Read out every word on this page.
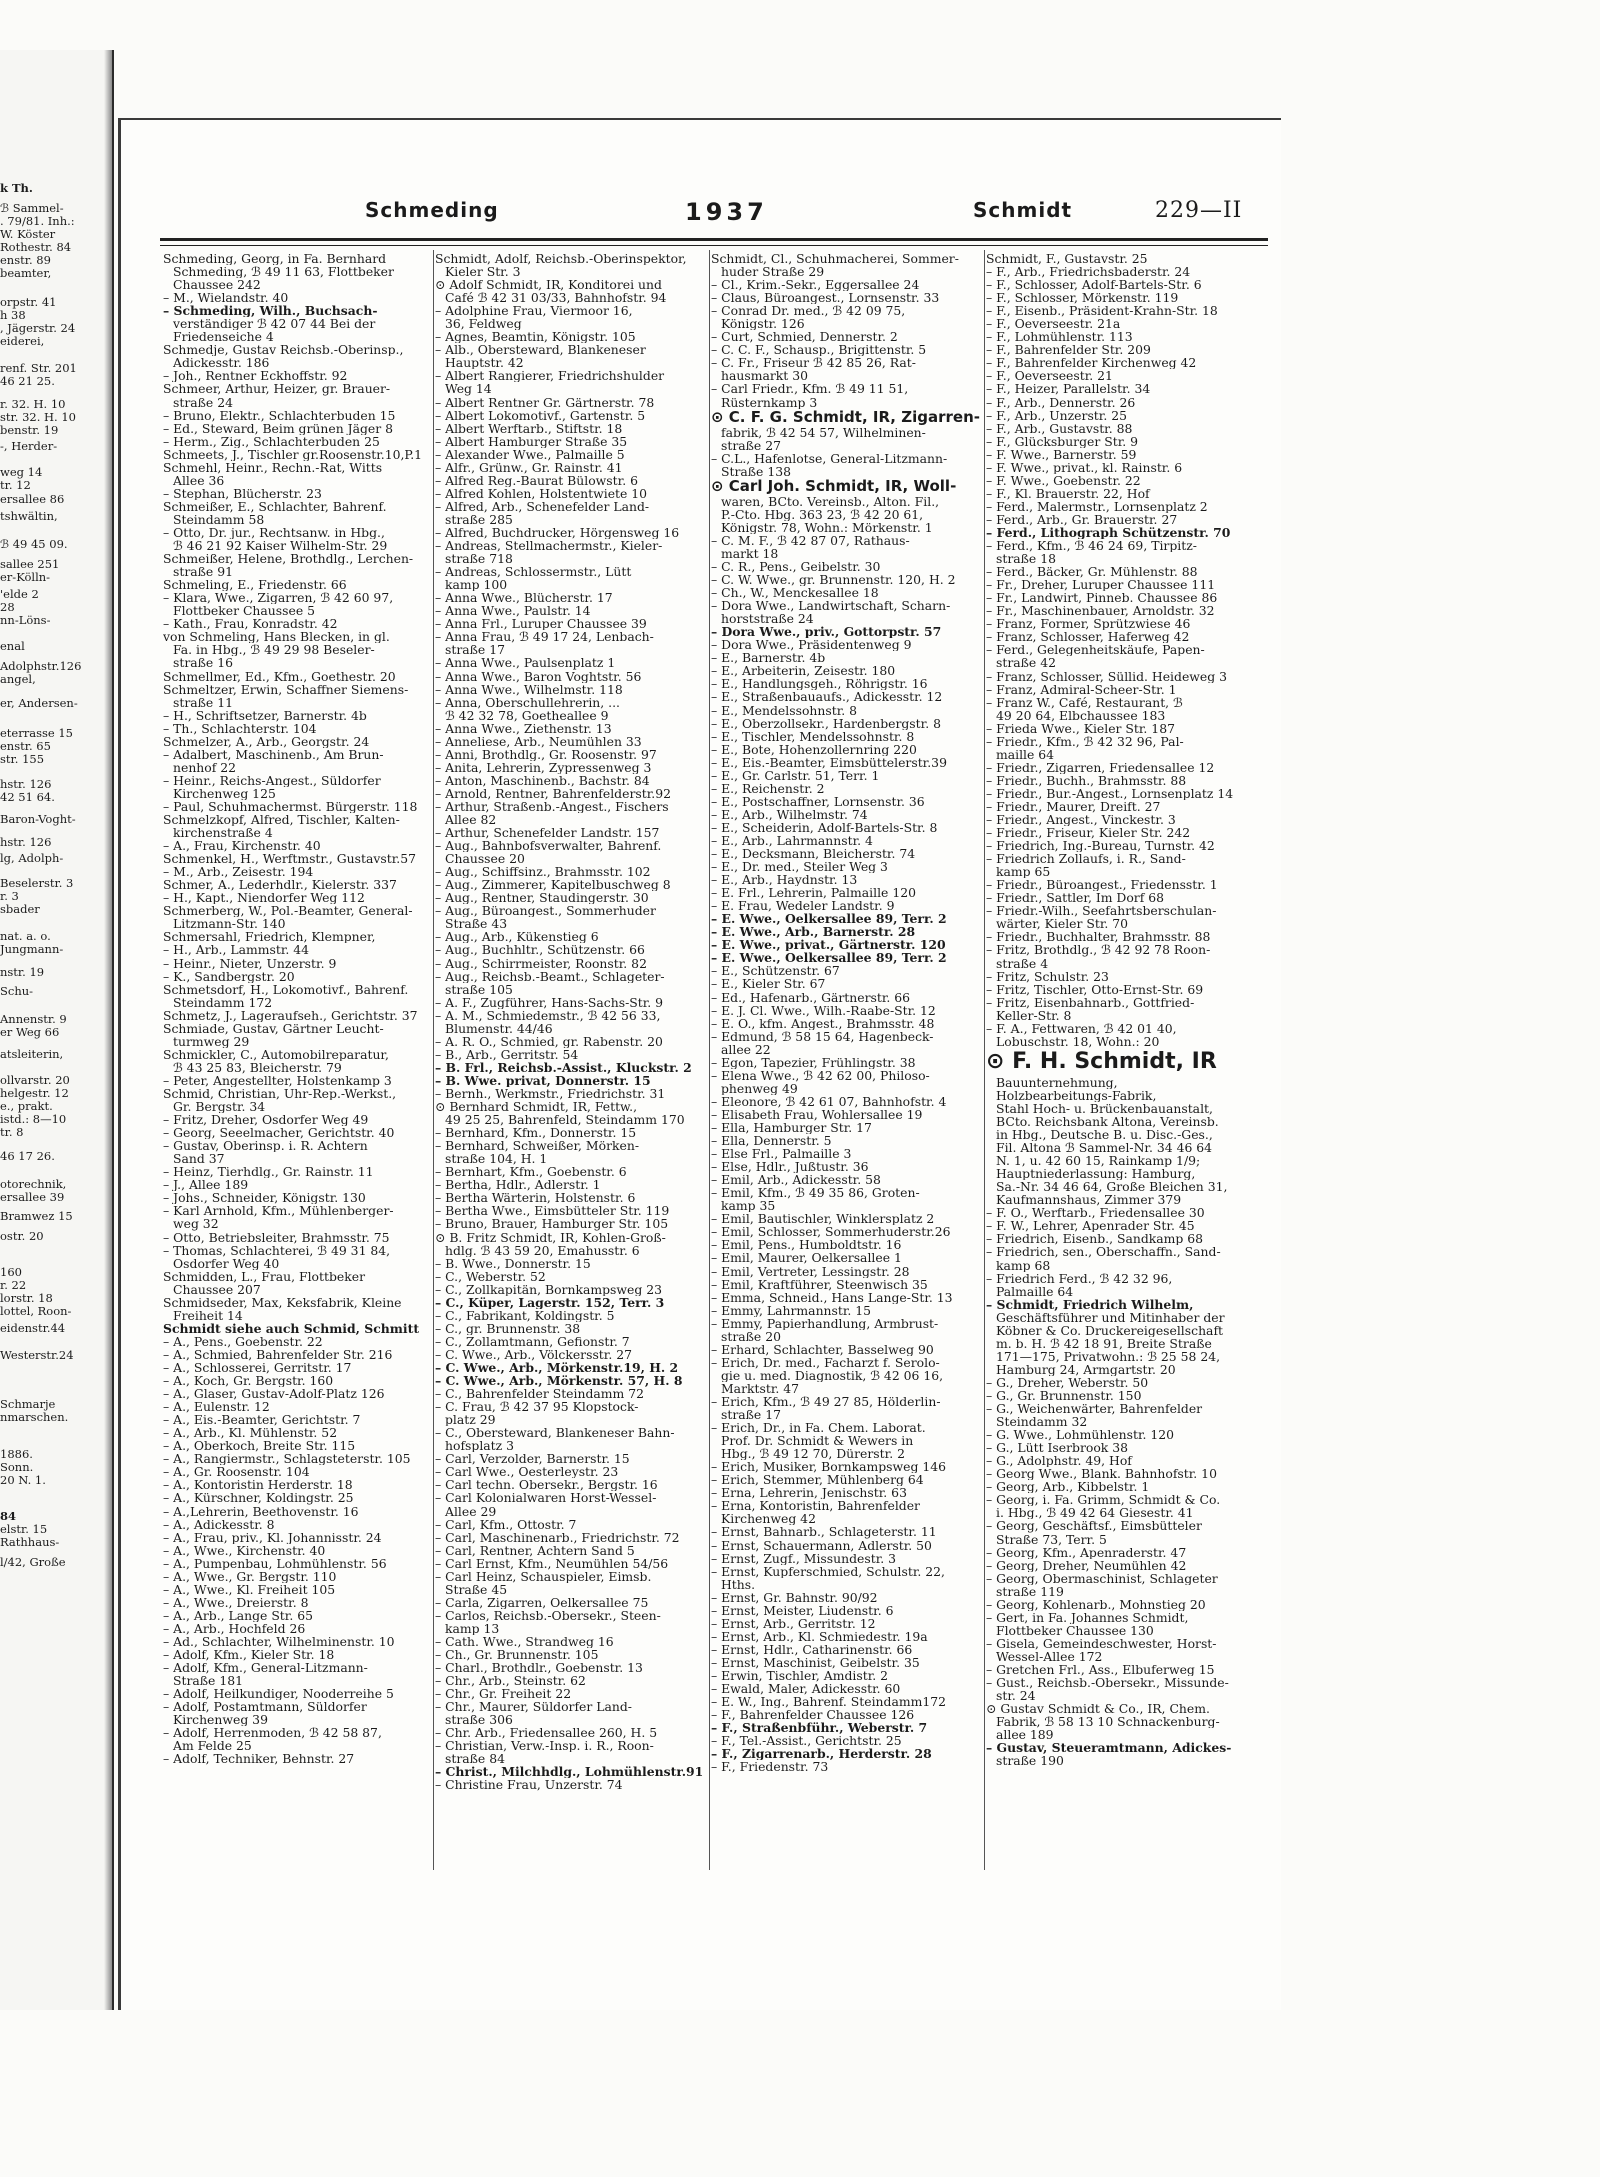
k Th.
ℬ Sammel-
. 79/81. Inh.:
W. Köster
Rothestr. 84
enstr. 89
beamter,
orpstr. 41
h 38
, Jägerstr. 24
eiderei,
renf. Str. 201
46 21 25.
r. 32. H. 10
str. 32. H. 10
benstr. 19
-, Herder-
weg 14
tr. 12
ersallee 86
tshwältin,
ℬ 49 45 09.
sallee 251
er-Kölln-
'elde 2
28
nn-Löns-
enal
Adolphstr.126
angel,
er, Andersen-
eterrasse 15
enstr. 65
str. 155
hstr. 126
42 51 64.
Baron-Voght-
hstr. 126
lg, Adolph-
Beselerstr. 3
r. 3
sbader
nat. a. o.
Jungmann-
nstr. 19
Schu-
Annenstr. 9
er Weg 66
atsleiterin,
ollvarstr. 20
helgestr. 12
e., prakt.
istd.: 8—10
tr. 8
46 17 26.
otorechnik,
ersallee 39
Bramwez 15
ostr. 20
160
r. 22
lorstr. 18
lottel, Roon-
eidenstr.44
Westerstr.24
Schmarje
nmarschen.
1886.
Sonn.
20 N. 1.
84
elstr. 15
Rathhaus-
l/42, Große
Schmeding	1937	Schmidt	229—II
Schmeding, Georg, in Fa. Bernhard
Schmeding, ℬ 49 11 63, Flottbeker
Chaussee 242
– M., Wielandstr. 40
– Schmeding, Wilh., Buchsach-
verständiger ℬ 42 07 44 Bei der
Friedenseiche 4
Schmedje, Gustav Reichsb.-Oberinsp.,
Adickesstr. 186
– Joh., Rentner Eckhoffstr. 92
Schmeer, Arthur, Heizer, gr. Brauer-
straße 24
– Bruno, Elektr., Schlachterbuden 15
– Ed., Steward, Beim grünen Jäger 8
– Herm., Zig., Schlachterbuden 25
Schmeets, J., Tischler gr.Roosenstr.10,P.1
Schmehl, Heinr., Rechn.-Rat, Witts
Allee 36
– Stephan, Blücherstr. 23
Schmeißer, E., Schlachter, Bahrenf.
Steindamm 58
– Otto, Dr. jur., Rechtsanw. in Hbg.,
ℬ 46 21 92 Kaiser Wilhelm-Str. 29
Schmeißer, Helene, Brothdlg., Lerchen-
straße 91
Schmeling, E., Friedenstr. 66
– Klara, Wwe., Zigarren, ℬ 42 60 97,
Flottbeker Chaussee 5
– Kath., Frau, Konradstr. 42
von Schmeling, Hans Blecken, in gl.
Fa. in Hbg., ℬ 49 29 98 Beseler-
straße 16
Schmellmer, Ed., Kfm., Goethestr. 20
Schmeltzer, Erwin, Schaffner Siemens-
straße 11
– H., Schriftsetzer, Barnerstr. 4b
– Th., Schlachterstr. 104
Schmelzer, A., Arb., Georgstr. 24
– Adalbert, Maschinenb., Am Brun-
nenhof 22
– Heinr., Reichs-Angest., Süldorfer
Kirchenweg 125
– Paul, Schuhmachermst. Bürgerstr. 118
Schmelzkopf, Alfred, Tischler, Kalten-
kirchenstraße 4
– A., Frau, Kirchenstr. 40
Schmenkel, H., Werftmstr., Gustavstr.57
– M., Arb., Zeisestr. 194
Schmer, A., Lederhdlr., Kielerstr. 337
– H., Kapt., Niendorfer Weg 112
Schmerberg, W., Pol.-Beamter, General-
Litzmann-Str. 140
Schmersahl, Friedrich, Klempner,
– H., Arb., Lammstr. 44
– Heinr., Nieter, Unzerstr. 9
– K., Sandbergstr. 20
Schmetsdorf, H., Lokomotivf., Bahrenf.
Steindamm 172
Schmetz, J., Lageraufseh., Gerichtstr. 37
Schmiade, Gustav, Gärtner Leucht-
turmweg 29
Schmickler, C., Automobilreparatur,
ℬ 43 25 83, Bleicherstr. 79
– Peter, Angestellter, Holstenkamp 3
Schmid, Christian, Uhr-Rep.-Werkst.,
Gr. Bergstr. 34
– Fritz, Dreher, Osdorfer Weg 49
– Georg, Seeelmacher, Gerichtstr. 40
– Gustav, Oberinsp. i. R. Achtern
Sand 37
– Heinz, Tierhdlg., Gr. Rainstr. 11
– J., Allee 189
– Johs., Schneider, Königstr. 130
– Karl Arnhold, Kfm., Mühlenberger-
weg 32
– Otto, Betriebsleiter, Brahmsstr. 75
– Thomas, Schlachterei, ℬ 49 31 84,
Osdorfer Weg 40
Schmidden, L., Frau, Flottbeker
Chaussee 207
Schmidseder, Max, Keksfabrik, Kleine
Freiheit 14
Schmidt siehe auch Schmid, Schmitt
– A., Pens., Goebenstr. 22
– A., Schmied, Bahrenfelder Str. 216
– A., Schlosserei, Gerritstr. 17
– A., Koch, Gr. Bergstr. 160
– A., Glaser, Gustav-Adolf-Platz 126
– A., Eulenstr. 12
– A., Eis.-Beamter, Gerichtstr. 7
– A., Arb., Kl. Mühlenstr. 52
– A., Oberkoch, Breite Str. 115
– A., Rangiermstr., Schlagsteterstr. 105
– A., Gr. Roosenstr. 104
– A., Kontoristin Herderstr. 18
– A., Kürschner, Koldingstr. 25
– A.,Lehrerin, Beethovenstr. 16
– A., Adickesstr. 8
– A., Frau, priv., Kl. Johannisstr. 24
– A., Wwe., Kirchenstr. 40
– A., Pumpenbau, Lohmühlenstr. 56
– A., Wwe., Gr. Bergstr. 110
– A., Wwe., Kl. Freiheit 105
– A., Wwe., Dreierstr. 8
– A., Arb., Lange Str. 65
– A., Arb., Hochfeld 26
– Ad., Schlachter, Wilhelminenstr. 10
– Adolf, Kfm., Kieler Str. 18
– Adolf, Kfm., General-Litzmann-
Straße 181
– Adolf, Heilkundiger, Nooderreihe 5
– Adolf, Postamtmann, Süldorfer
Kirchenweg 39
– Adolf, Herrenmoden, ℬ 42 58 87,
Am Felde 25
– Adolf, Techniker, Behnstr. 27
Schmidt, Adolf, Reichsb.-Oberinspektor,
Kieler Str. 3
⊙ Adolf Schmidt, IR, Konditorei und
Café ℬ 42 31 03/33, Bahnhofstr. 94
– Adolphine Frau, Viermoor 16,
36, Feldweg
– Agnes, Beamtin, Königstr. 105
– Alb., Obersteward, Blankeneser
Hauptstr. 42
– Albert Rangierer, Friedrichshulder
Weg 14
– Albert Rentner Gr. Gärtnerstr. 78
– Albert Lokomotivf., Gartenstr. 5
– Albert Werftarb., Stiftstr. 18
– Albert Hamburger Straße 35
– Alexander Wwe., Palmaille 5
– Alfr., Grünw., Gr. Rainstr. 41
– Alfred Reg.-Baurat Bülowstr. 6
– Alfred Kohlen, Holstentwiete 10
– Alfred, Arb., Schenefelder Land-
straße 285
– Alfred, Buchdrucker, Hörgensweg 16
– Andreas, Stellmachermstr., Kieler-
straße 718
– Andreas, Schlossermstr., Lütt
kamp 100
– Anna Wwe., Blücherstr. 17
– Anna Wwe., Paulstr. 14
– Anna Frl., Luruper Chaussee 39
– Anna Frau, ℬ 49 17 24, Lenbach-
straße 17
– Anna Wwe., Paulsenplatz 1
– Anna Wwe., Baron Voghtstr. 56
– Anna Wwe., Wilhelmstr. 118
– Anna, Oberschullehrerin, ...
ℬ 42 32 78, Goetheallee 9
– Anna Wwe., Ziethenstr. 13
– Anneliese, Arb., Neumühlen 33
– Anni, Brothdlg., Gr. Roosenstr. 97
– Anita, Lehrerin, Zypressenweg 3
– Anton, Maschinenb., Bachstr. 84
– Arnold, Rentner, Bahrenfelderstr.92
– Arthur, Straßenb.-Angest., Fischers
Allee 82
– Arthur, Schenefelder Landstr. 157
– Aug., Bahnbofsverwalter, Bahrenf.
Chaussee 20
– Aug., Schiffsinz., Brahmsstr. 102
– Aug., Zimmerer, Kapitelbuschweg 8
– Aug., Rentner, Staudingerstr. 30
– Aug., Büroangest., Sommerhuder
Straße 43
– Aug., Arb., Kükenstieg 6
– Aug., Buchhltr., Schützenstr. 66
– Aug., Schirrmeister, Roonstr. 82
– Aug., Reichsb.-Beamt., Schlageter-
straße 105
– A. F., Zugführer, Hans-Sachs-Str. 9
– A. M., Schmiedemstr., ℬ 42 56 33,
Blumenstr. 44/46
– A. R. O., Schmied, gr. Rabenstr. 20
– B., Arb., Gerritstr. 54
– B. Frl., Reichsb.-Assist., Kluckstr. 2
– B. Wwe. privat, Donnerstr. 15
– Bernh., Werkmstr., Friedrichstr. 31
⊙ Bernhard Schmidt, IR, Fettw.,
49 25 25, Bahrenfeld, Steindamm 170
– Bernhard, Kfm., Donnerstr. 15
– Bernhard, Schweißer, Mörken-
straße 104, H. 1
– Bernhart, Kfm., Goebenstr. 6
– Bertha, Hdlr., Adlerstr. 1
– Bertha Wärterin, Holstenstr. 6
– Bertha Wwe., Eimsbütteler Str. 119
– Bruno, Brauer, Hamburger Str. 105
⊙ B. Fritz Schmidt, IR, Kohlen-Groß-
hdlg. ℬ 43 59 20, Emahusstr. 6
– B. Wwe., Donnerstr. 15
– C., Weberstr. 52
– C., Zollkapitän, Bornkampsweg 23
– C., Küper, Lagerstr. 152, Terr. 3
– C., Fabrikant, Koldingstr. 5
– C., gr. Brunnenstr. 38
– C., Zollamtmann, Gefionstr. 7
– C. Wwe., Arb., Völckersstr. 27
– C. Wwe., Arb., Mörkenstr.19, H. 2
– C. Wwe., Arb., Mörkenstr. 57, H. 8
– C., Bahrenfelder Steindamm 72
– C. Frau, ℬ 42 37 95 Klopstock-
platz 29
– C., Obersteward, Blankeneser Bahn-
hofsplatz 3
– Carl, Verzolder, Barnerstr. 15
– Carl Wwe., Oesterleystr. 23
– Carl techn. Obersekr., Bergstr. 16
– Carl Kolonialwaren Horst-Wessel-
Allee 29
– Carl, Kfm., Ottostr. 7
– Carl, Maschinenarb., Friedrichstr. 72
– Carl, Rentner, Achtern Sand 5
– Carl Ernst, Kfm., Neumühlen 54/56
– Carl Heinz, Schauspieler, Eimsb.
Straße 45
– Carla, Zigarren, Oelkersallee 75
– Carlos, Reichsb.-Obersekr., Steen-
kamp 13
– Cath. Wwe., Strandweg 16
– Ch., Gr. Brunnenstr. 105
– Charl., Brothdlr., Goebenstr. 13
– Chr., Arb., Steinstr. 62
– Chr., Gr. Freiheit 22
– Chr., Maurer, Süldorfer Land-
straße 306
– Chr. Arb., Friedensallee 260, H. 5
– Christian, Verw.-Insp. i. R., Roon-
straße 84
– Christ., Milchhdlg., Lohmühlenstr.91
– Christine Frau, Unzerstr. 74
Schmidt, Cl., Schuhmacherei, Sommer-
huder Straße 29
– Cl., Krim.-Sekr., Eggersallee 24
– Claus, Büroangest., Lornsenstr. 33
– Conrad Dr. med., ℬ 42 09 75,
Königstr. 126
– Curt, Schmied, Dennerstr. 2
– C. C. F., Schausp., Brigittenstr. 5
– C. Fr., Friseur ℬ 42 85 26, Rat-
hausmarkt 30
– Carl Friedr., Kfm. ℬ 49 11 51,
Rüsternkamp 3
⊙ C. F. G. Schmidt, IR, Zigarren-
fabrik, ℬ 42 54 57, Wilhelminen-
straße 27
– C.L., Hafenlotse, General-Litzmann-
Straße 138
⊙ Carl Joh. Schmidt, IR, Woll-
waren, BCto. Vereinsb., Alton. Fil.,
P.-Cto. Hbg. 363 23, ℬ 42 20 61,
Königstr. 78, Wohn.: Mörkenstr. 1
– C. M. F., ℬ 42 87 07, Rathaus-
markt 18
– C. R., Pens., Geibelstr. 30
– C. W. Wwe., gr. Brunnenstr. 120, H. 2
– Ch., W., Menckesallee 18
– Dora Wwe., Landwirtschaft, Scharn-
horststraße 24
– Dora Wwe., priv., Gottorpstr. 57
– Dora Wwe., Präsidentenweg 9
– E., Barnerstr. 4b
– E., Arbeiterin, Zeisestr. 180
– E., Handlungsgeh., Röhrigstr. 16
– E., Straßenbauaufs., Adickesstr. 12
– E., Mendelssohnstr. 8
– E., Oberzollsekr., Hardenbergstr. 8
– E., Tischler, Mendelssohnstr. 8
– E., Bote, Hohenzollernring 220
– E., Eis.-Beamter, Eimsbüttelerstr.39
– E., Gr. Carlstr. 51, Terr. 1
– E., Reichenstr. 2
– E., Postschaffner, Lornsenstr. 36
– E., Arb., Wilhelmstr. 74
– E., Scheiderin, Adolf-Bartels-Str. 8
– E., Arb., Lahrmannstr. 4
– E., Decksmann, Bleicherstr. 74
– E., Dr. med., Steiler Weg 3
– E., Arb., Haydnstr. 13
– E. Frl., Lehrerin, Palmaille 120
– E. Frau, Wedeler Landstr. 9
– E. Wwe., Oelkersallee 89, Terr. 2
– E. Wwe., Arb., Barnerstr. 28
– E. Wwe., privat., Gärtnerstr. 120
– E. Wwe., Oelkersallee 89, Terr. 2
– E., Schützenstr. 67
– E., Kieler Str. 67
– Ed., Hafenarb., Gärtnerstr. 66
– E. J. Cl. Wwe., Wilh.-Raabe-Str. 12
– E. O., kfm. Angest., Brahmsstr. 48
– Edmund, ℬ 58 15 64, Hagenbeck-
allee 22
– Egon, Tapezier, Frühlingstr. 38
– Elena Wwe., ℬ 42 62 00, Philoso-
phenweg 49
– Eleonore, ℬ 42 61 07, Bahnhofstr. 4
– Elisabeth Frau, Wohlersallee 19
– Ella, Hamburger Str. 17
– Ella, Dennerstr. 5
– Else Frl., Palmaille 3
– Else, Hdlr., Jußtustr. 36
– Emil, Arb., Adickesstr. 58
– Emil, Kfm., ℬ 49 35 86, Groten-
kamp 35
– Emil, Bautischler, Winklersplatz 2
– Emil, Schlosser, Sommerhuderstr.26
– Emil, Pens., Humboldtstr. 16
– Emil, Maurer, Oelkersallee 1
– Emil, Vertreter, Lessingstr. 28
– Emil, Kraftführer, Steenwisch 35
– Emma, Schneid., Hans Lange-Str. 13
– Emmy, Lahrmannstr. 15
– Emmy, Papierhandlung, Armbrust-
straße 20
– Erhard, Schlachter, Basselweg 90
– Erich, Dr. med., Facharzt f. Serolo-
gie u. med. Diagnostik, ℬ 42 06 16,
Marktstr. 47
– Erich, Kfm., ℬ 49 27 85, Hölderlin-
straße 17
– Erich, Dr., in Fa. Chem. Laborat.
Prof. Dr. Schmidt & Wewers in
Hbg., ℬ 49 12 70, Dürerstr. 2
– Erich, Musiker, Bornkampsweg 146
– Erich, Stemmer, Mühlenberg 64
– Erna, Lehrerin, Jenischstr. 63
– Erna, Kontoristin, Bahrenfelder
Kirchenweg 42
– Ernst, Bahnarb., Schlageterstr. 11
– Ernst, Schauermann, Adlerstr. 50
– Ernst, Zugf., Missundestr. 3
– Ernst, Kupferschmied, Schulstr. 22,
Hths.
– Ernst, Gr. Bahnstr. 90/92
– Ernst, Meister, Liudenstr. 6
– Ernst, Arb., Gerritstr. 12
– Ernst, Arb., Kl. Schmiedestr. 19a
– Ernst, Hdlr., Catharinenstr. 66
– Ernst, Maschinist, Geibelstr. 35
– Erwin, Tischler, Amdistr. 2
– Ewald, Maler, Adickesstr. 60
– E. W., Ing., Bahrenf. Steindamm172
– F., Bahrenfelder Chaussee 126
– F., Straßenbführ., Weberstr. 7
– F., Tel.-Assist., Gerichtstr. 25
– F., Zigarrenarb., Herderstr. 28
– F., Friedenstr. 73
Schmidt, F., Gustavstr. 25
– F., Arb., Friedrichsbaderstr. 24
– F., Schlosser, Adolf-Bartels-Str. 6
– F., Schlosser, Mörkenstr. 119
– F., Eisenb., Präsident-Krahn-Str. 18
– F., Oeverseestr. 21a
– F., Lohmühlenstr. 113
– F., Bahrenfelder Str. 209
– F., Bahrenfelder Kirchenweg 42
– F., Oeverseestr. 21
– F., Heizer, Parallelstr. 34
– F., Arb., Dennerstr. 26
– F., Arb., Unzerstr. 25
– F., Arb., Gustavstr. 88
– F., Glücksburger Str. 9
– F. Wwe., Barnerstr. 59
– F. Wwe., privat., kl. Rainstr. 6
– F. Wwe., Goebenstr. 22
– F., Kl. Brauerstr. 22, Hof
– Ferd., Malermstr., Lornsenplatz 2
– Ferd., Arb., Gr. Brauerstr. 27
– Ferd., Lithograph Schützenstr. 70
– Ferd., Kfm., ℬ 46 24 69, Tirpitz-
straße 18
– Ferd., Bäcker, Gr. Mühlenstr. 88
– Fr., Dreher, Luruper Chaussee 111
– Fr., Landwirt, Pinneb. Chaussee 86
– Fr., Maschinenbauer, Arnoldstr. 32
– Franz, Former, Sprützwiese 46
– Franz, Schlosser, Haferweg 42
– Ferd., Gelegenheitskäufe, Papen-
straße 42
– Franz, Schlosser, Süllid. Heideweg 3
– Franz, Admiral-Scheer-Str. 1
– Franz W., Café, Restaurant, ℬ
49 20 64, Elbchaussee 183
– Frieda Wwe., Kieler Str. 187
– Friedr., Kfm., ℬ 42 32 96, Pal-
maille 64
– Friedr., Zigarren, Friedensallee 12
– Friedr., Buchh., Brahmsstr. 88
– Friedr., Bur.-Angest., Lornsenplatz 14
– Friedr., Maurer, Dreift. 27
– Friedr., Angest., Vinckestr. 3
– Friedr., Friseur, Kieler Str. 242
– Friedrich, Ing.-Bureau, Turnstr. 42
– Friedrich Zollaufs, i. R., Sand-
kamp 65
– Friedr., Büroangest., Friedensstr. 1
– Friedr., Sattler, Im Dorf 68
– Friedr.-Wilh., Seefahrtsberschulan-
wärter, Kieler Str. 70
– Friedr., Buchhalter, Brahmsstr. 88
– Fritz, Brothdlg., ℬ 42 92 78 Roon-
straße 4
– Fritz, Schulstr. 23
– Fritz, Tischler, Otto-Ernst-Str. 69
– Fritz, Eisenbahnarb., Gottfried-
Keller-Str. 8
– F. A., Fettwaren, ℬ 42 01 40,
Lobuschstr. 18, Wohn.: 20
⊙ F. H. Schmidt, IR
Bauunternehmung,
Holzbearbeitungs-Fabrik,
Stahl Hoch- u. Brückenbauanstalt,
BCto. Reichsbank Altona, Vereinsb.
in Hbg., Deutsche B. u. Disc.-Ges.,
Fil. Altona ℬ Sammel-Nr. 34 46 64
N. 1, u. 42 60 15, Rainkamp 1/9;
Hauptniederlassung: Hamburg,
Sa.-Nr. 34 46 64, Große Bleichen 31,
Kaufmannshaus, Zimmer 379
– F. O., Werftarb., Friedensallee 30
– F. W., Lehrer, Apenrader Str. 45
– Friedrich, Eisenb., Sandkamp 68
– Friedrich, sen., Oberschaffn., Sand-
kamp 68
– Friedrich Ferd., ℬ 42 32 96,
Palmaille 64
– Schmidt, Friedrich Wilhelm,
Geschäftsführer und Mitinhaber der
Köbner & Co. Druckereigesellschaft
m. b. H. ℬ 42 18 91, Breite Straße
171—175, Privatwohn.: ℬ 25 58 24,
Hamburg 24, Armgartstr. 20
– G., Dreher, Weberstr. 50
– G., Gr. Brunnenstr. 150
– G., Weichenwärter, Bahrenfelder
Steindamm 32
– G. Wwe., Lohmühlenstr. 120
– G., Lütt Iserbrook 38
– G., Adolphstr. 49, Hof
– Georg Wwe., Blank. Bahnhofstr. 10
– Georg, Arb., Kibbelstr. 1
– Georg, i. Fa. Grimm, Schmidt & Co.
i. Hbg., ℬ 49 42 64 Giesestr. 41
– Georg, Geschäftsf., Eimsbütteler
Straße 73, Terr. 5
– Georg, Kfm., Apenraderstr. 47
– Georg, Dreher, Neumühlen 42
– Georg, Obermaschinist, Schlageter
straße 119
– Georg, Kohlenarb., Mohnstieg 20
– Gert, in Fa. Johannes Schmidt,
Flottbeker Chaussee 130
– Gisela, Gemeindeschwester, Horst-
Wessel-Allee 172
– Gretchen Frl., Ass., Elbuferweg 15
– Gust., Reichsb.-Obersekr., Missunde-
str. 24
⊙ Gustav Schmidt & Co., IR, Chem.
Fabrik, ℬ 58 13 10 Schnackenburg-
allee 189
– Gustav, Steueramtmann, Adickes-
straße 190
